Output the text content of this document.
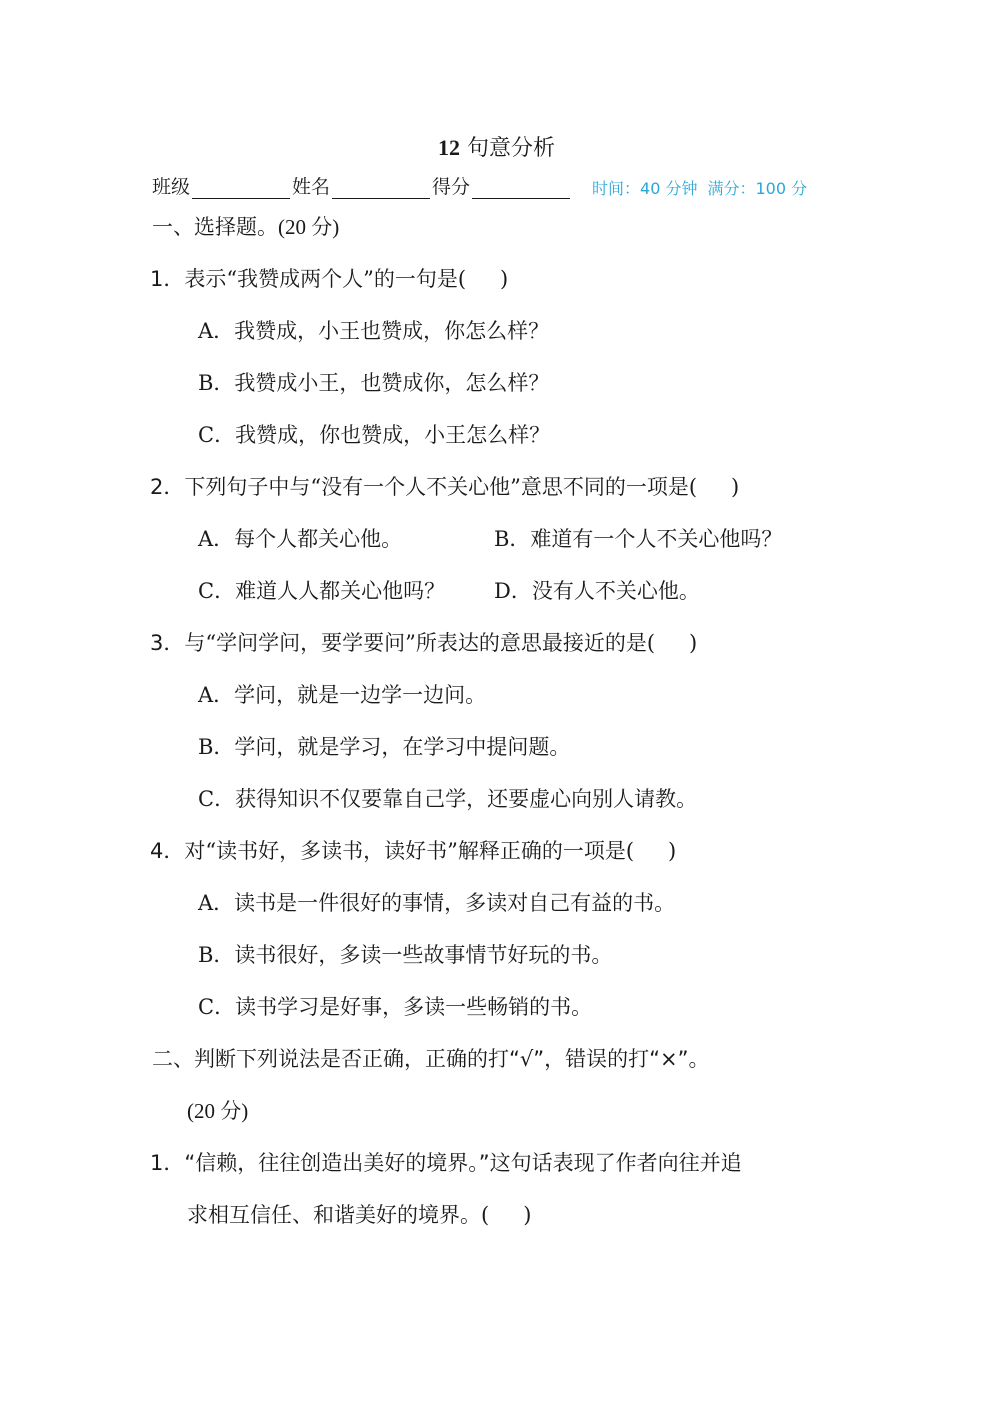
12 句意分析
班级	姓名	得分	时间：40 分钟 满分：100 分
一、选择题。(20 分)
1．表示“我赞成两个人”的一句是( )
A．我赞成，小王也赞成，你怎么样？
B．我赞成小王，也赞成你，怎么样？
C．我赞成，你也赞成，小王怎么样？
2．下列句子中与“没有一个人不关心他”意思不同的一项是( )
A．每个人都关心他。	B．难道有一个人不关心他吗？
C．难道人人都关心他吗？ D．没有人不关心他。
3．与“学问学问，要学要问”所表达的意思最接近的是( )
A．学问，就是一边学一边问。
B．学问，就是学习，在学习中提问题。
C．获得知识不仅要靠自己学，还要虚心向别人请教。
4．对“读书好，多读书，读好书”解释正确的一项是( )
A．读书是一件很好的事情，多读对自己有益的书。
B．读书很好，多读一些故事情节好玩的书。
C．读书学习是好事，多读一些畅销的书。
二、判断下列说法是否正确，正确的打“√”，错误的打“×”。
(20 分)
1．“信赖，往往创造出美好的境界。”这句话表现了作者向往并追
求相互信任、和谐美好的境界。( )
